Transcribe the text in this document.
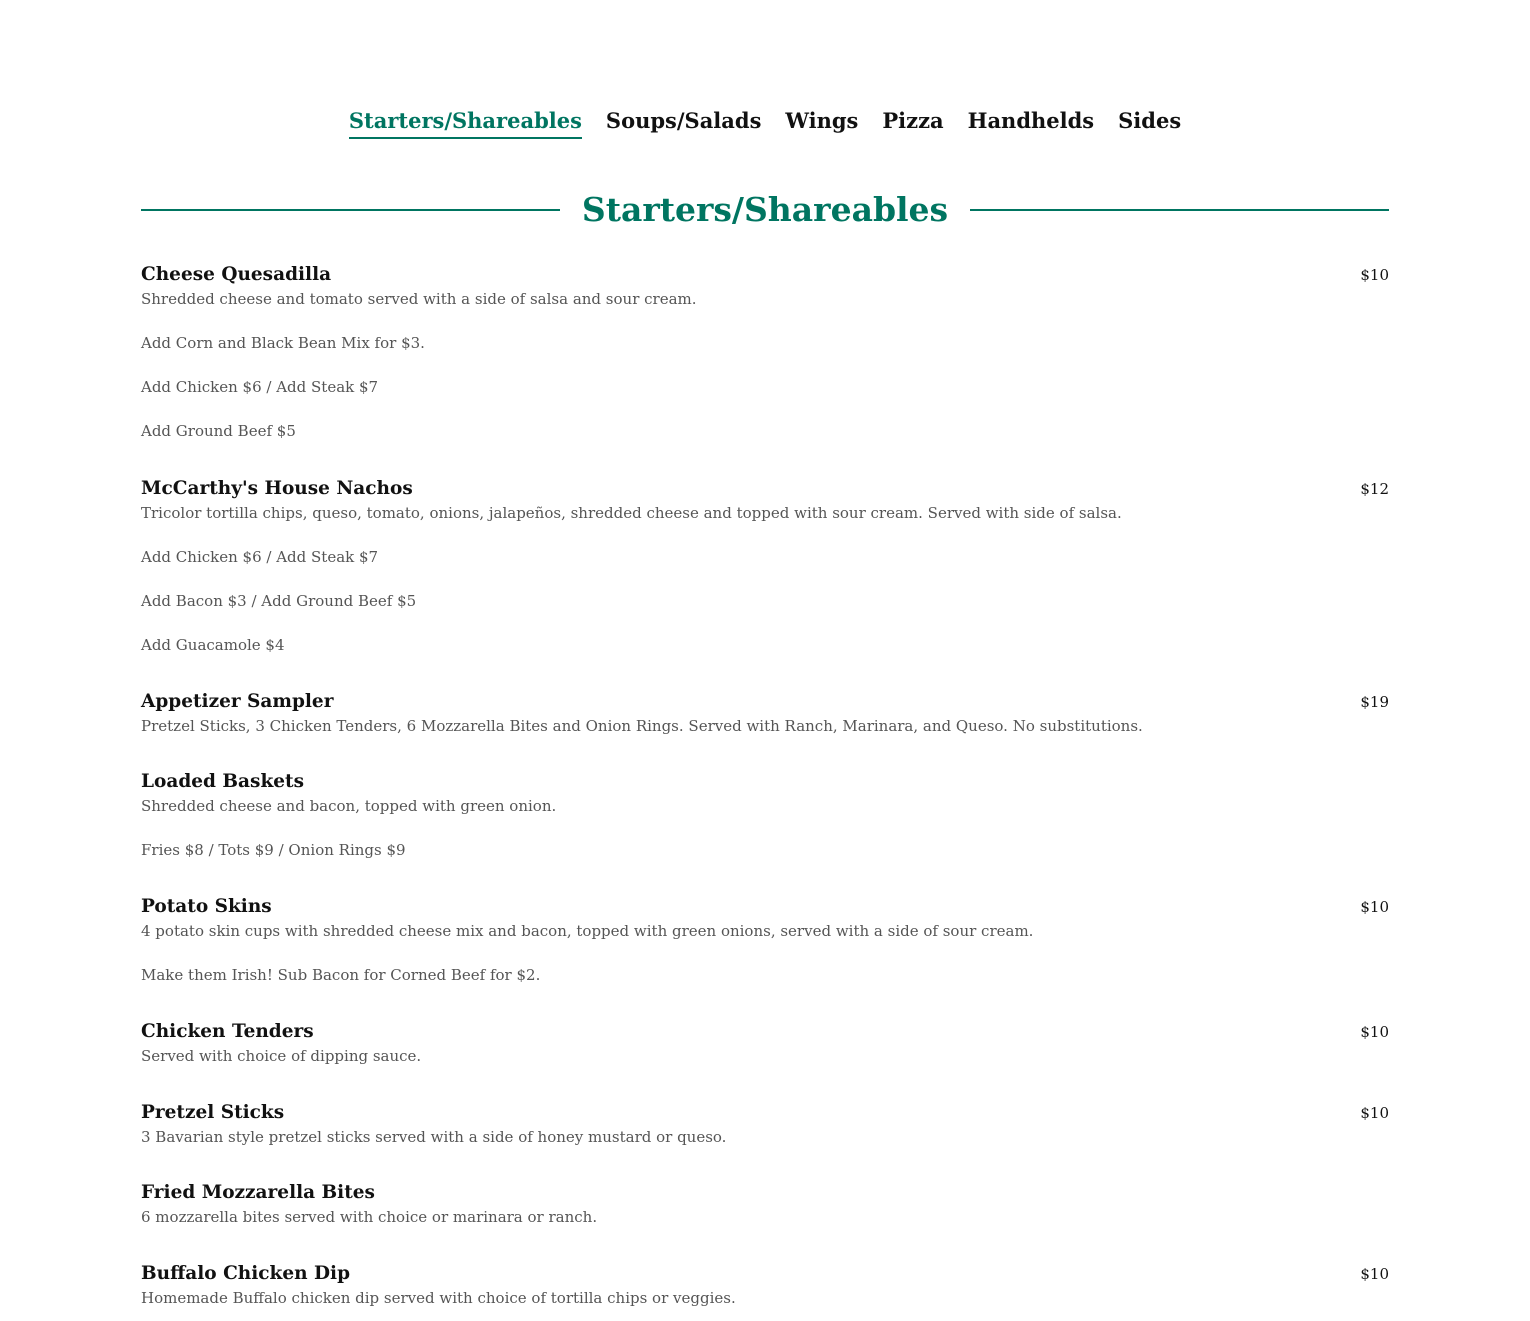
Starters/Shareables Soups/Salads Wings Pizza Handhelds Sides
Starters/Shareables
Cheese Quesadilla	$10

Shredded cheese and tomato served with a side of salsa and sour cream.

Add Corn and Black Bean Mix for $3.

Add Chicken $6 / Add Steak $7

Add Ground Beef $5

McCarthy's House Nachos	$12

Tricolor tortilla chips, queso, tomato, onions, jalapeños, shredded cheese and topped with sour cream. Served with side of salsa.

Add Chicken $6 / Add Steak $7

Add Bacon $3 / Add Ground Beef $5

Add Guacamole $4

Appetizer Sampler	$19

Pretzel Sticks, 3 Chicken Tenders, 6 Mozzarella Bites and Onion Rings. Served with Ranch, Marinara, and Queso. No substitutions.

Loaded Baskets

Shredded cheese and bacon, topped with green onion.

Fries $8 / Tots $9 / Onion Rings $9

Potato Skins	$10

4 potato skin cups with shredded cheese mix and bacon, topped with green onions, served with a side of sour cream.

Make them Irish! Sub Bacon for Corned Beef for $2.

Chicken Tenders	$10

Served with choice of dipping sauce.

Pretzel Sticks	$10

3 Bavarian style pretzel sticks served with a side of honey mustard or queso.

Fried Mozzarella Bites

6 mozzarella bites served with choice or marinara or ranch.

Buffalo Chicken Dip	$10

Homemade Buffalo chicken dip served with choice of tortilla chips or veggies.
